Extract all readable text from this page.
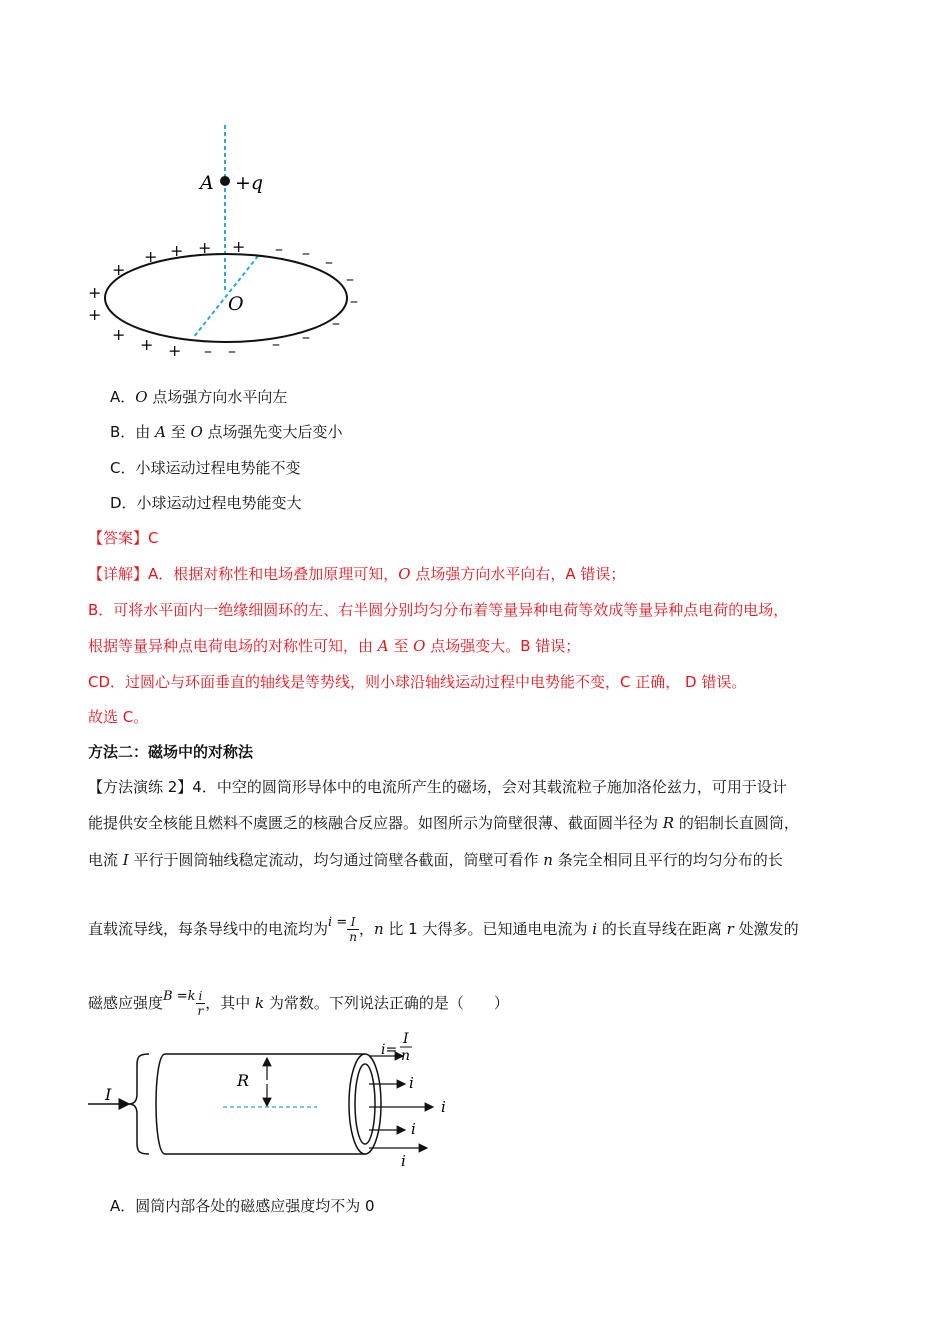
A +q
O
+
+ + + +
+
+
+
+ +
– – –
–
–
–
–
–
–
–
A．O 点场强方向水平向左
B．由 A 至 O 点场强先变大后变小
C．小球运动过程电势能不变
D．小球运动过程电势能变大
【答案】C
【详解】A．根据对称性和电场叠加原理可知，O 点场强方向水平向右，A 错误；
B．可将水平面内一绝缘细圆环的左、右半圆分别均匀分布着等量异种电荷等效成等量异种点电荷的电场，
根据等量异种点电荷电场的对称性可知，由 A 至 O 点场强变大。B 错误；
CD．过圆心与环面垂直的轴线是等势线，则小球沿轴线运动过程中电势能不变，C 正确， D 错误。
故选 C。
方法二：磁场中的对称法
【方法演练 2】4．中空的圆筒形导体中的电流所产生的磁场，会对其载流粒子施加洛伦兹力，可用于设计
能提供安全核能且燃料不虞匮乏的核融合反应器。如图所示为筒壁很薄、截面圆半径为 R 的铝制长直圆筒，
电流 I 平行于圆筒轴线稳定流动，均匀通过筒壁各截面，筒壁可看作 n 条完全相同且平行的均匀分布的长
直载流导线，每条导线中的电流均为$i = \frac{I}{n}$ ，n 比 1 大得多。已知通电电流为 i 的长直导线在距离 r 处激发的
磁感应强度$B =k \frac{i}{r}$ ，其中 k 为常数。下列说法正确的是（　　）
I
R
i=
I
n
i
i
i
i
A．圆筒内部各处的磁感应强度均不为 0
